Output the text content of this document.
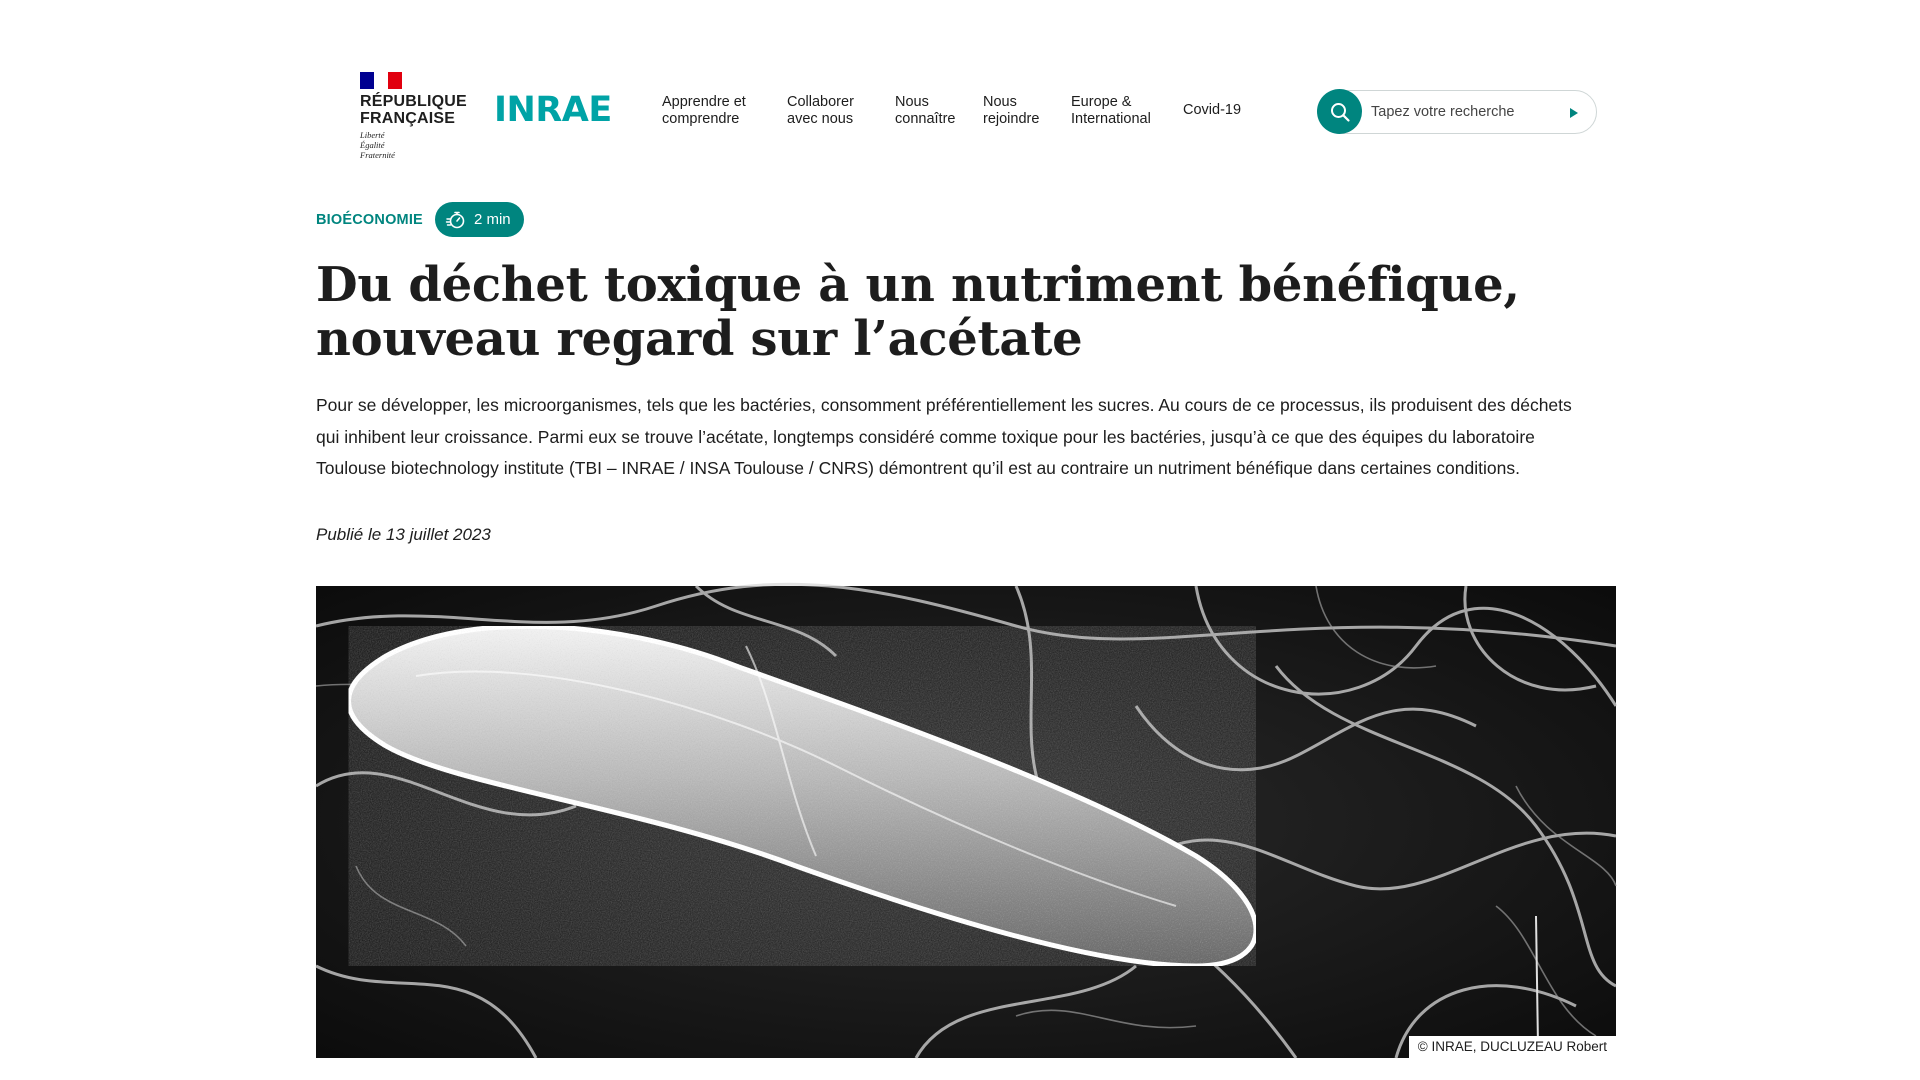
RÉPUBLIQUE
FRANÇAISE
Liberté
Égalité
Fraternité
INRAE	Apprendre et
comprendre
Collaborer
avec nous
Nous
connaître
Nous
rejoindre
Europe &
International
Covid-19
Tapez votre recherche
BIOÉCONOMIE	2 min
Du déchet toxique à un nutriment bénéfique, nouveau regard sur l’acétate

Pour se développer, les microorganismes, tels que les bactéries, consomment préférentiellement les sucres. Au cours de ce processus, ils produisent des déchets qui inhibent leur croissance. Parmi eux se trouve l’acétate, longtemps considéré comme toxique pour les bactéries, jusqu’à ce que des équipes du laboratoire Toulouse biotechnology institute (TBI – INRAE / INSA Toulouse / CNRS) démontrent qu’il est au contraire un nutriment bénéfique dans certaines conditions.

Publié le 13 juillet 2023
© INRAE, DUCLUZEAU Robert
